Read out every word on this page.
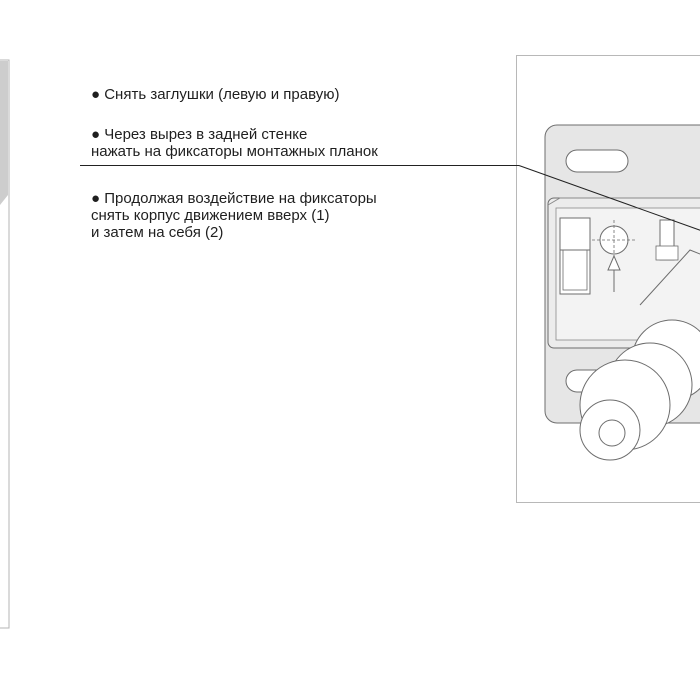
● Снять заглушки (левую и правую)
● Через вырез в задней стенке
нажать на фиксаторы монтажных планок
● Продолжая воздействие на фиксаторы
снять корпус движением вверх (1)
и затем на себя (2)
